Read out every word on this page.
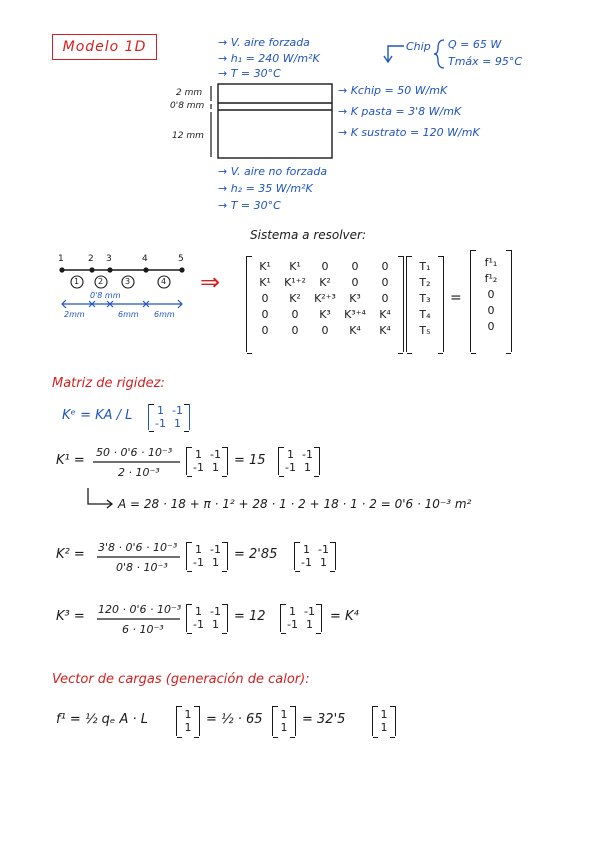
Modelo 1D	→ V. aire forzada
→ h₁ = 240 W/m²K
→ T = 30°C
Chip Q = 65 W
Tmáx = 95°C
2 mm
0'8 mm
12 mm
→ Kchip = 50 W/mK
→ K pasta = 3'8 W/mK
→ K sustrato = 120 W/mK
→ V. aire no forzada
→ h₂ = 35 W/m²K
→ T = 30°C
1	2 3	4	5
1 2	3	4
0'8 mm
2mm	6mm 6mm
⇒
Sistema a resolver:
K¹	K¹	0	0	0
K¹	K¹⁺²	K²	0	0
0	K²	K²⁺³	K³	0
0	0	K³	K³⁺⁴	K⁴
0	0	0	K⁴	K⁴
T₁
T₂
T₃
T₄
T₅
=
f¹₁
f¹₂
0
0
0
Matriz de rigidez:
Kᵉ = KA / L	1 -1
-1 1
K¹ =
50 · 0'6 · 10⁻³
2 · 10⁻³
1 -1
-1 1	= 15	1 -1
-1 1
A = 28 · 18 + π · 1² + 28 · 1 · 2 + 18 · 1 · 2 = 0'6 · 10⁻³ m²
K² = 3'8 · 0'6 · 10⁻³
0'8 · 10⁻³
1 -1
-1 1
= 2'85	1 -1
-1 1
K³ = 120 · 0'6 · 10⁻³
6 · 10⁻³
1 -1
-1 1
= 12	1 -1
-1 1
= K⁴
Vector de cargas (generación de calor):
f¹ = ½ qₑ A · L	1
1
= ½ · 65	1
1
= 32'5	1
1
